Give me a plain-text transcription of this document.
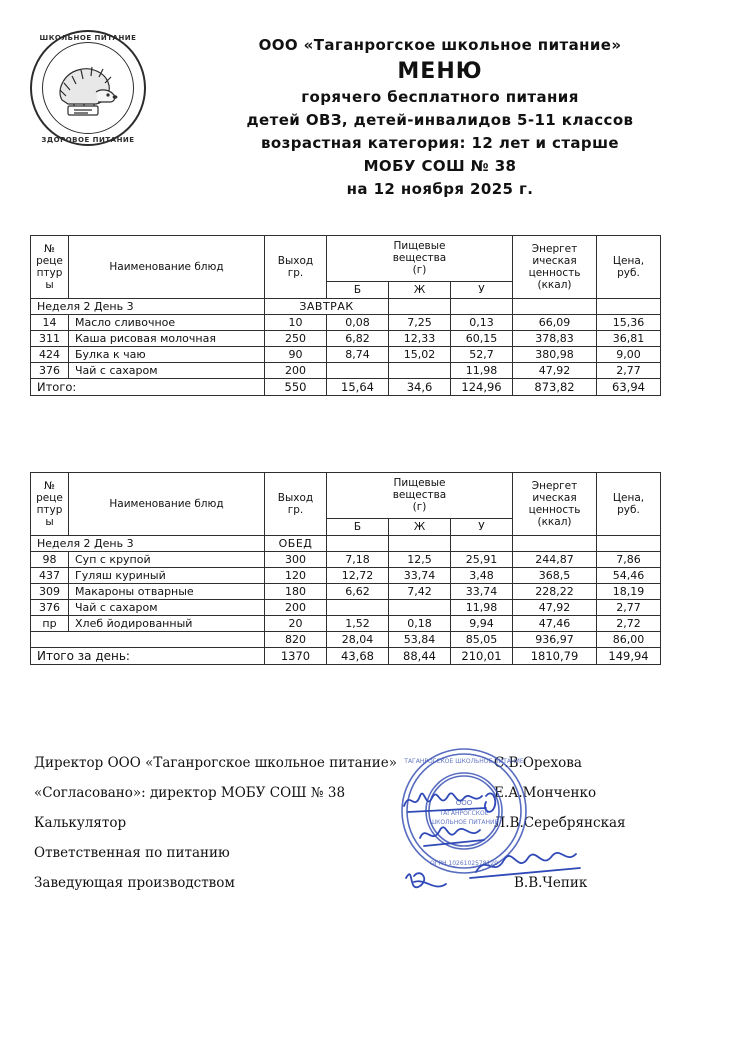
ШКОЛЬНОЕ ПИТАНИЕ
ЗДОРОВОЕ ПИТАНИЕ
ООО «Таганрогское школьное питание»
МЕНЮ
горячего бесплатного питания
детей ОВЗ, детей-инвалидов 5-11 классов
возрастная категория: 12 лет и старше
МОБУ СОШ № 38
на 12 ноября 2025 г.
№
реце
птур
ы	Наименование блюд	Выход
гр.	Пищевые
вещества
(г)			Энергет
ическая
ценность
(ккал)	Цена,
руб.
			Б	Ж	У		
Неделя 2 День 3		ЗАВТРАК					
14	Масло сливочное	10	0,08	7,25	0,13	66,09	15,36
311	Каша рисовая молочная	250	6,82	12,33	60,15	378,83	36,81
424	Булка к чаю	90	8,74	15,02	52,7	380,98	9,00
376	Чай с сахаром	200			11,98	47,92	2,77
Итого:		550	15,64	34,6	124,96	873,82	63,94
№
реце
птур
ы	Наименование блюд	Выход
гр.	Пищевые
вещества
(г)			Энергет
ическая
ценность
(ккал)	Цена,
руб.
			Б	Ж	У		
Неделя 2 День 3		ОБЕД					
98	Суп с крупой	300	7,18	12,5	25,91	244,87	7,86
437	Гуляш куриный	120	12,72	33,74	3,48	368,5	54,46
309	Макароны отварные	180	6,62	7,42	33,74	228,22	18,19
376	Чай с сахаром	200			11,98	47,92	2,77
пр	Хлеб йодированный	20	1,52	0,18	9,94	47,46	2,72
		820	28,04	53,84	85,05	936,97	86,00
Итого за день:		1370	43,68	88,44	210,01	1810,79	149,94
Директор ООО «Таганрогское школьное питание»	С.В.Орехова
«Согласовано»: директор МОБУ СОШ № 38	Е.А.Монченко
Калькулятор	Л.В.Серебрянская
Ответственная по питанию
Заведующая производством	В.В.Чепик
ТАГАНРОГСКОЕ ШКОЛЬНОЕ ПИТАНИЕ
ОГРН 1026102578120
ООО
ТАГАНРОГСКОЕ
ШКОЛЬНОЕ ПИТАНИЕ
